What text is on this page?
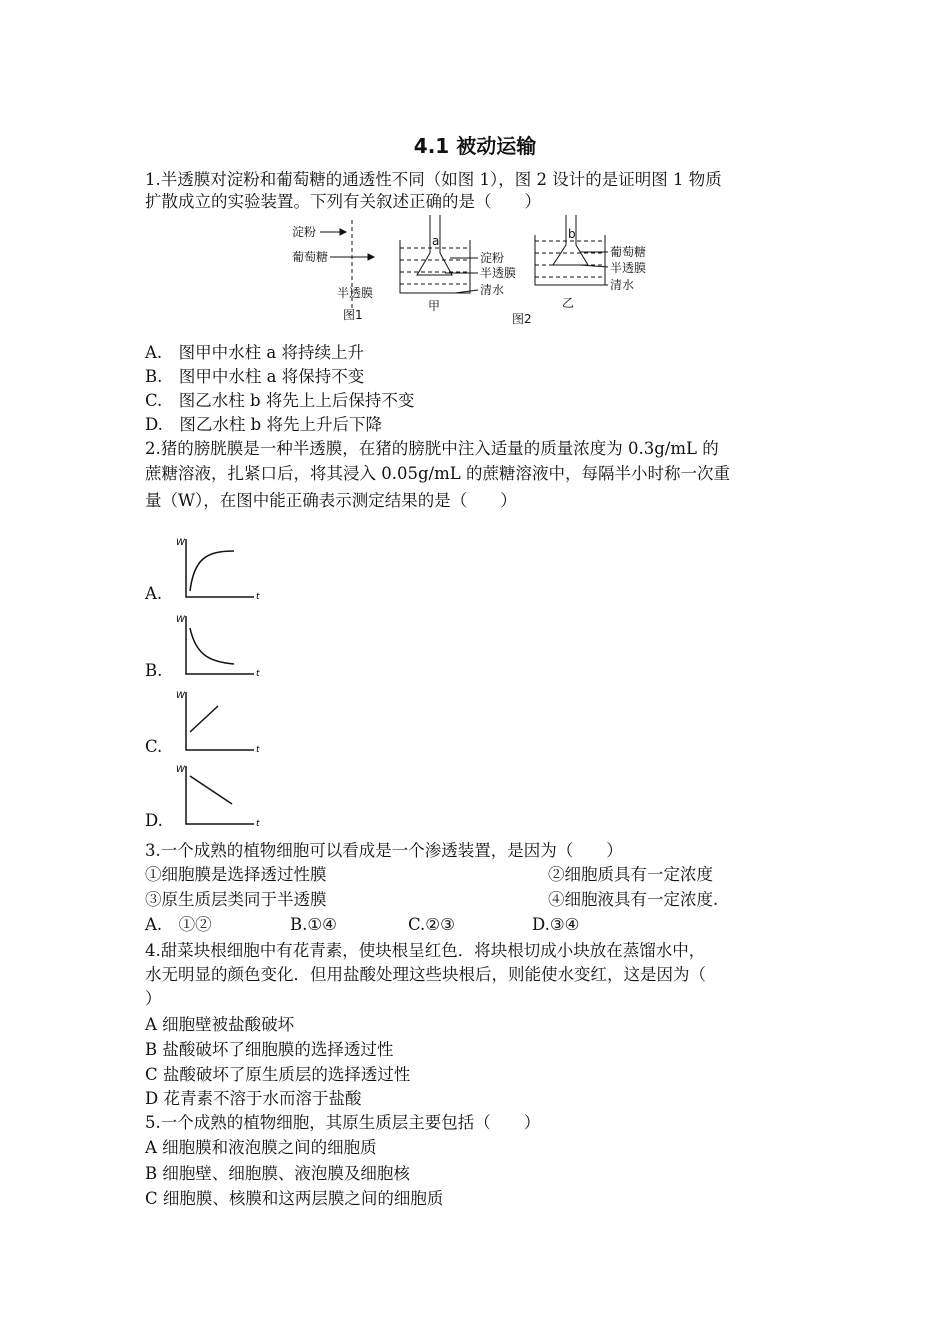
4.1 被动运输
1.半透膜对淀粉和葡萄糖的通透性不同（如图 1），图 2 设计的是证明图 1 物质
扩散成立的实验装置。下列有关叙述正确的是（　　）
淀粉
葡萄糖
半透膜
图1
a
淀粉
半透膜
清水
甲
图2
b
葡萄糖
半透膜
清水
乙
A.　图甲中水柱 a 将持续上升
B.　图甲中水柱 a 将保持不变
C.　图乙水柱 b 将先上上后保持不变
D.　图乙水柱 b 将先上升后下降
2.猪的膀胱膜是一种半透膜，在猪的膀胱中注入适量的质量浓度为 0.3g/mL 的
蔗糖溶液，扎紧口后，将其浸入 0.05g/mL 的蔗糖溶液中，每隔半小时称一次重
量（W），在图中能正确表示测定结果的是（　　）
A.
W
t
B.
W
t
C.
W
t
D.
W
t
3.一个成熟的植物细胞可以看成是一个渗透装置，是因为（　　）
①细胞膜是选择透过性膜	②细胞质具有一定浓度
③原生质层类同于半透膜	④细胞液具有一定浓度.
A.　①②	B.①④	C.②③	D.③④
4.甜菜块根细胞中有花青素，使块根呈红色．将块根切成小块放在蒸馏水中，
水无明显的颜色变化．但用盐酸处理这些块根后，则能使水变红，这是因为（
）
A 细胞壁被盐酸破坏
B 盐酸破坏了细胞膜的选择透过性
C 盐酸破坏了原生质层的选择透过性
D 花青素不溶于水而溶于盐酸
5.一个成熟的植物细胞，其原生质层主要包括（　　）
A 细胞膜和液泡膜之间的细胞质
B 细胞壁、细胞膜、液泡膜及细胞核
C 细胞膜、核膜和这两层膜之间的细胞质
